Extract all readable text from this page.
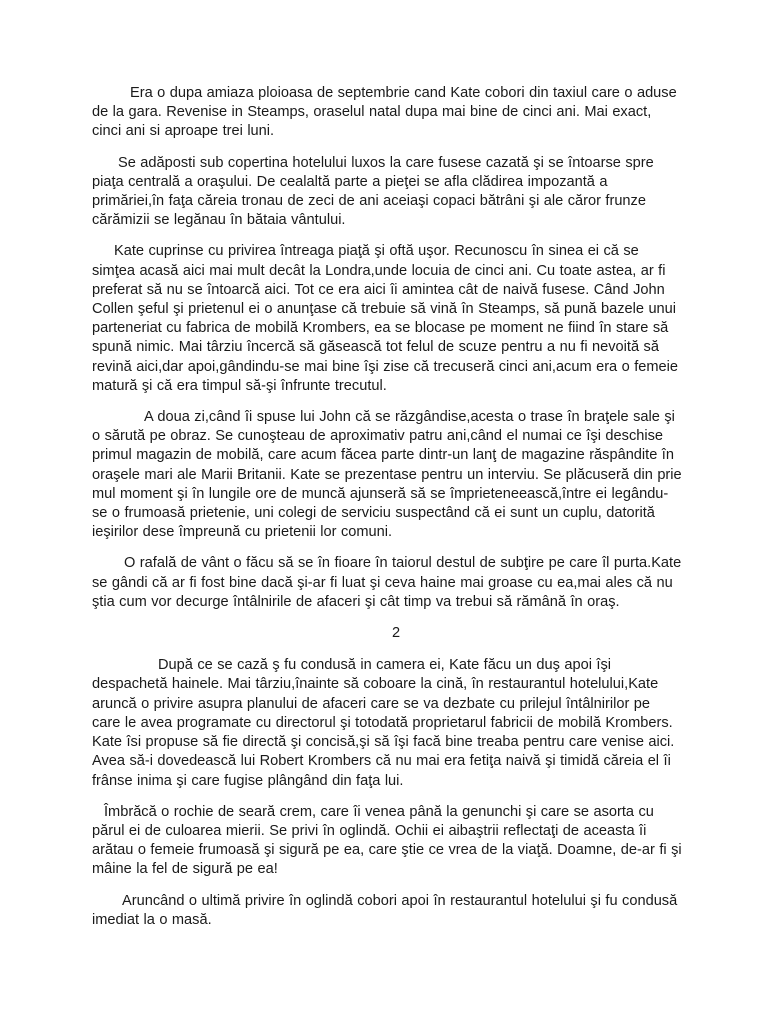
Era o dupa amiaza ploioasa de septembrie cand Kate cobori din taxiul care o aduse de la gara. Revenise in Steamps, oraselul natal dupa mai bine de cinci ani. Mai exact, cinci ani si aproape trei luni.

Se adăposti sub copertina hotelului luxos la care fusese cazată şi se întoarse spre piaţa centrală a oraşului. De cealaltă parte a pieţei se afla clădirea impozantă a primăriei,în faţa căreia tronau de zeci de ani aceiaşi copaci bătrâni şi ale căror frunze cărămizii se legănau în bătaia vântului.

Kate cuprinse cu privirea întreaga piaţă şi oftă uşor. Recunoscu în sinea ei că se simţea acasă aici mai mult decât la Londra,unde locuia de cinci ani. Cu toate astea, ar fi preferat să nu se întoarcă aici. Tot ce era aici îi amintea cât de naivă fusese. Când John Collen şeful şi prietenul ei o anunţase că trebuie să vină în Steamps, să pună bazele unui parteneriat cu fabrica de mobilă Krombers, ea se blocase pe moment ne fiind în stare să spună nimic. Mai târziu încercă să găsească tot felul de scuze pentru a nu fi nevoită să revină aici,dar apoi,gândindu-se mai bine îşi zise că trecuseră cinci ani,acum era o femeie matură şi că era timpul să-şi înfrunte trecutul.

A doua zi,când îi spuse lui John că se răzgândise,acesta o trase în braţele sale şi o sărută pe obraz. Se cunoşteau de aproximativ patru ani,când el numai ce îşi deschise primul magazin de mobilă, care acum făcea parte dintr-un lanţ de magazine răspândite în oraşele mari ale Marii Britanii. Kate se prezentase pentru un interviu. Se plăcuseră din prie mul moment şi în lungile ore de muncă ajunseră să se împrieteneească,între ei legându-se o frumoasă prietenie, uni colegi de serviciu suspectând că ei sunt un cuplu, datorită ieşirilor dese împreună cu prietenii lor comuni.

O rafală de vânt o făcu să se în fioare în taiorul destul de subţire pe care îl purta.Kate se gândi că ar fi fost bine dacă şi-ar fi luat şi ceva haine mai groase cu ea,mai ales că nu ştia cum vor decurge întâlnirile de afaceri şi cât timp va trebui să rămână în oraş.

2

După ce se cază ş fu condusă in camera ei, Kate făcu un duş apoi îşi despachetă hainele. Mai târziu,înainte să coboare la cină, în restaurantul hotelului,Kate aruncă o privire asupra planului de afaceri care se va dezbate cu prilejul întâlnirilor pe care le avea programate cu directorul şi totodată proprietarul fabricii de mobilă Krombers. Kate îsi propuse să fie directă şi concisă,şi să îşi facă bine treaba pentru care venise aici. Avea să-i dovedească lui Robert Krombers că nu mai era fetiţa naivă şi timidă căreia el îi frânse inima şi care fugise plângând din faţa lui.

Îmbrăcă o rochie de seară crem, care îi venea până la genunchi şi care se asorta cu părul ei de culoarea mierii. Se privi în oglindă. Ochii ei aibaştrii reflectaţi de aceasta îi arătau o femeie frumoasă şi sigură pe ea, care ştie ce vrea de la viaţă. Doamne, de-ar fi şi mâine la fel de sigură pe ea!

Aruncând o ultimă privire în oglindă cobori apoi în restaurantul hotelului şi fu condusă imediat la o masă.
